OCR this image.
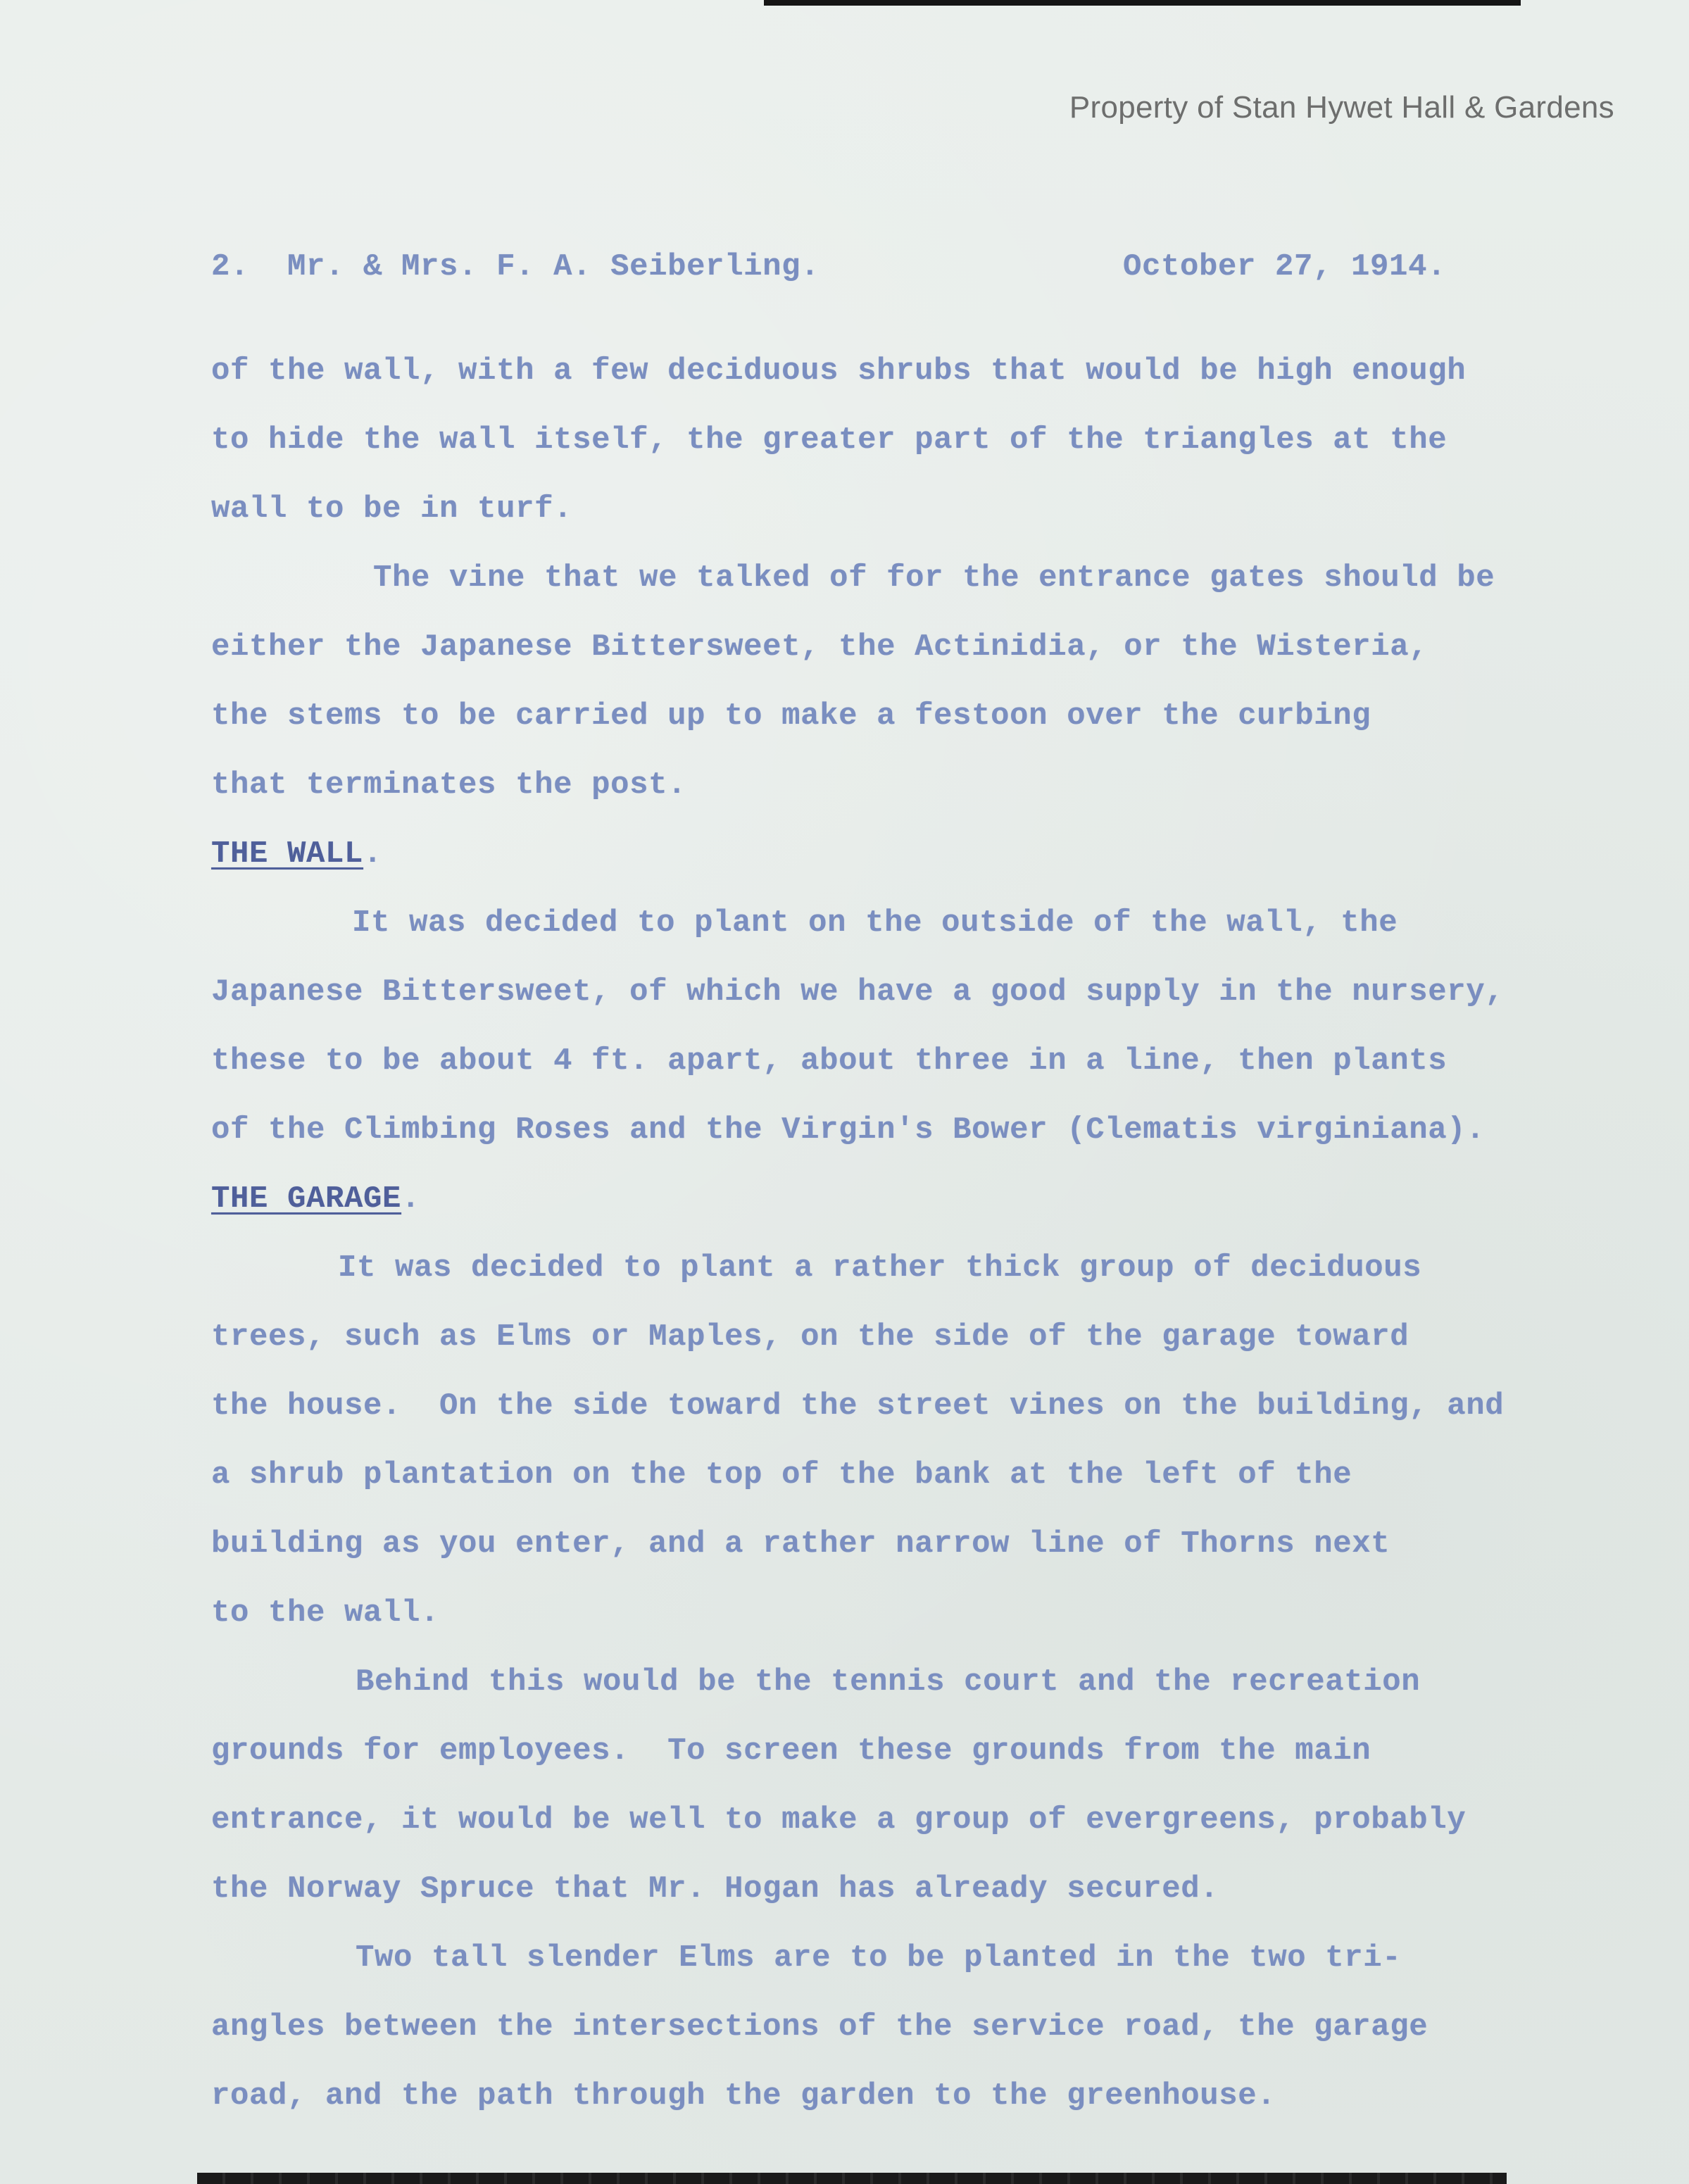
Property of Stan Hywet Hall & Gardens
2.  Mr. & Mrs. F. A. Seiberling.	October 27, 1914.
of the wall, with a few deciduous shrubs that would be high enough
to hide the wall itself, the greater part of the triangles at the
wall to be in turf.
The vine that we talked of for the entrance gates should be
either the Japanese Bittersweet, the Actinidia, or the Wisteria,
the stems to be carried up to make a festoon over the curbing
that terminates the post.
THE WALL.
It was decided to plant on the outside of the wall, the
Japanese Bittersweet, of which we have a good supply in the nursery,
these to be about 4 ft. apart, about three in a line, then plants
of the Climbing Roses and the Virgin's Bower (Clematis virginiana).
THE GARAGE.
It was decided to plant a rather thick group of deciduous
trees, such as Elms or Maples, on the side of the garage toward
the house.  On the side toward the street vines on the building, and
a shrub plantation on the top of the bank at the left of the
building as you enter, and a rather narrow line of Thorns next
to the wall.
Behind this would be the tennis court and the recreation
grounds for employees.  To screen these grounds from the main
entrance, it would be well to make a group of evergreens, probably
the Norway Spruce that Mr. Hogan has already secured.
Two tall slender Elms are to be planted in the two tri-
angles between the intersections of the service road, the garage
road, and the path through the garden to the greenhouse.
